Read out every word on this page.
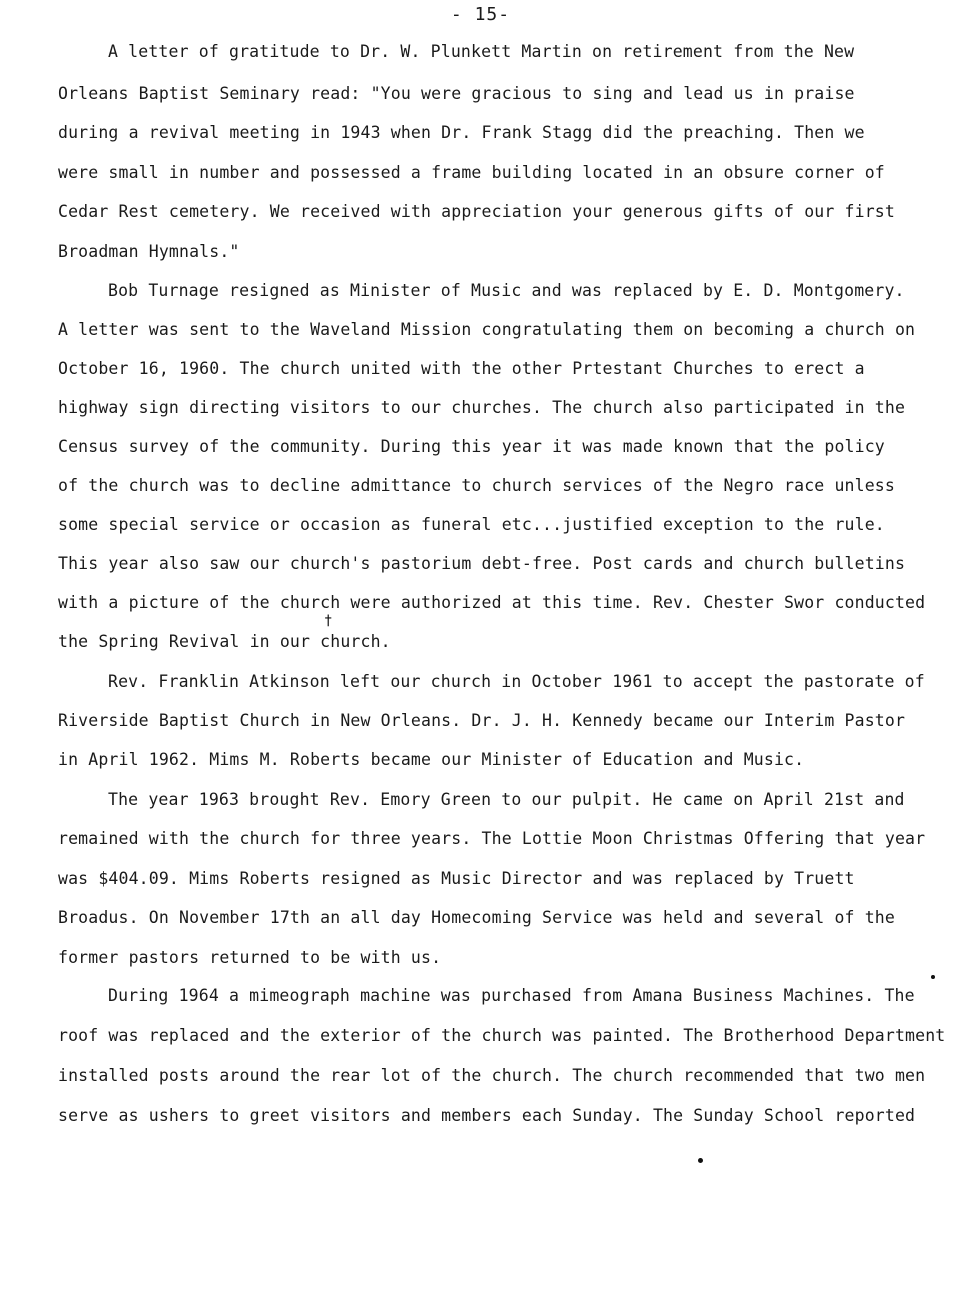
- 15-
A letter of gratitude to Dr. W. Plunkett Martin on retirement from the New
Orleans Baptist Seminary read: "You were gracious to sing and lead us in praise
during a revival meeting in 1943 when Dr. Frank Stagg did the preaching. Then we
were small in number and possessed a frame building located in an obsure corner of
Cedar Rest cemetery. We received with appreciation your generous gifts of our first
Broadman Hymnals."
Bob Turnage resigned as Minister of Music and was replaced by E. D. Montgomery.
A letter was sent to the Waveland Mission congratulating them on becoming a church on
October 16, 1960. The church united with the other Prtestant Churches to erect a
highway sign directing visitors to our churches. The church also participated in the
Census survey of the community. During this year it was made known that the policy
of the church was to decline admittance to church services of the Negro race unless
some special service or occasion as funeral etc...justified exception to the rule.
This year also saw our church's pastorium debt-free. Post cards and church bulletins
with a picture of the church were authorized at this time. Rev. Chester Swor conducted
the Spring Revival in our church.
Rev. Franklin Atkinson left our church in October 1961 to accept the pastorate of
Riverside Baptist Church in New Orleans. Dr. J. H. Kennedy became our Interim Pastor
in April 1962. Mims M. Roberts became our Minister of Education and Music.
The year 1963 brought Rev. Emory Green to our pulpit. He came on April 21st and
remained with the church for three years. The Lottie Moon Christmas Offering that year
was $404.09. Mims Roberts resigned as Music Director and was replaced by Truett
Broadus. On November 17th an all day Homecoming Service was held and several of the
former pastors returned to be with us.
During 1964 a mimeograph machine was purchased from Amana Business Machines. The
roof was replaced and the exterior of the church was painted. The Brotherhood Department
installed posts around the rear lot of the church. The church recommended that two men
serve as ushers to greet visitors and members each Sunday. The Sunday School reported
†
